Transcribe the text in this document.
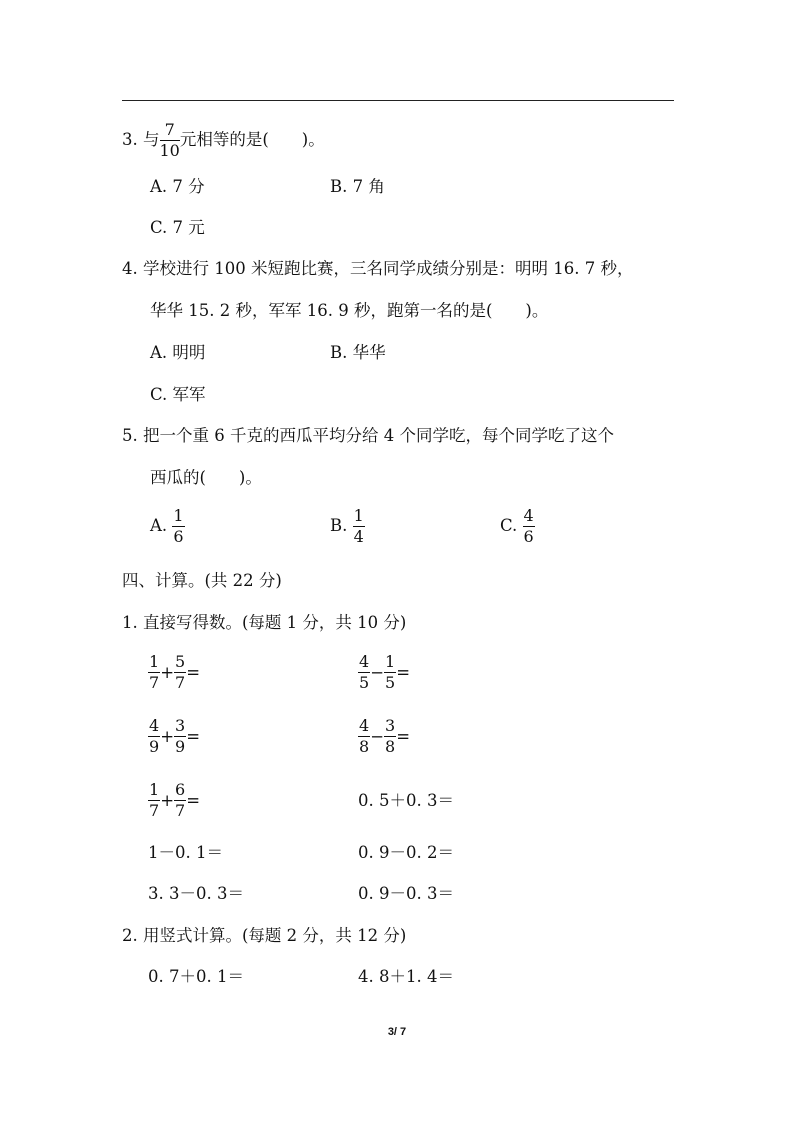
3. 与 $\frac{7}{10}$ 元相等的是(　　)。
A. 7 分	B. 7 角
C. 7 元
4. 学校进行 100 米短跑比赛，三名同学成绩分别是：明明 16. 7 秒，
华华 15. 2 秒，军军 16. 9 秒，跑第一名的是(　　)。
A. 明明	B. 华华
C. 军军
5. 把一个重 6 千克的西瓜平均分给 4 个同学吃，每个同学吃了这个
西瓜的(　　)。
A. $\frac{1}{6}$	B. $\frac{1}{4}$	C. $\frac{4}{6}$
四、计算。(共 22 分)
1. 直接写得数。(每题 1 分，共 10 分)
$\frac{1}{7} + \frac{5}{7}$ =	$\frac{4}{5} - \frac{1}{5}$ =
$\frac{4}{9} + \frac{3}{9}$ =	$\frac{4}{8} - \frac{3}{8}$ =
$\frac{1}{7} + \frac{6}{7}$ =	0. 5＋0. 3＝
1－0. 1＝	0. 9－0. 2＝
3. 3－0. 3＝	0. 9－0. 3＝
2. 用竖式计算。(每题 2 分，共 12 分)
0. 7＋0. 1＝	4. 8＋1. 4＝
3/ 7
